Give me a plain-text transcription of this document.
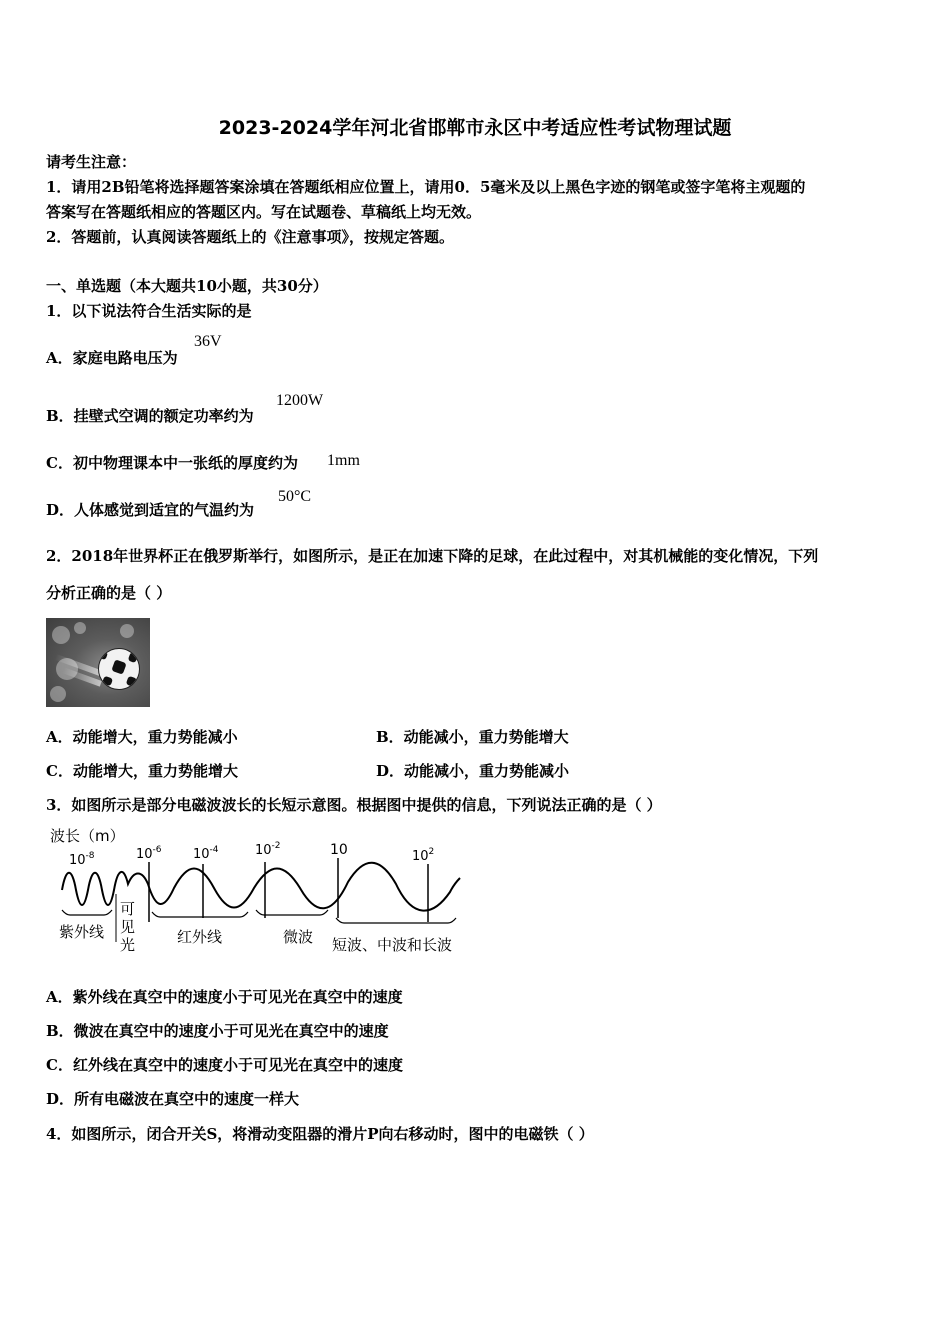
2023-2024学年河北省邯郸市永区中考适应性考试物理试题
请考生注意：
1．请用2B铅笔将选择题答案涂填在答题纸相应位置上，请用0．5毫米及以上黑色字迹的钢笔或签字笔将主观题的
答案写在答题纸相应的答题区内。写在试题卷、草稿纸上均无效。
2．答题前，认真阅读答题纸上的《注意事项》，按规定答题。
一、单选题（本大题共10小题，共30分）
1．以下说法符合生活实际的是
A．家庭电路电压为
36V
B．挂壁式空调的额定功率约为
1200W
C．初中物理课本中一张纸的厚度约为 1mm
D．人体感觉到适宜的气温约为
50°C
2．2018年世界杯正在俄罗斯举行，如图所示，是正在加速下降的足球，在此过程中，对其机械能的变化情况，下列
分析正确的是（ ）
A．动能增大，重力势能减小	B．动能减小，重力势能增大
C．动能增大，重力势能增大	D．动能减小，重力势能减小
3．如图所示是部分电磁波波长的长短示意图。根据图中提供的信息，下列说法正确的是（ ）
波长（m）
$10^{-8}$	$10^{-6}$ $10^{-4}$	$10^{-2}$	10	$10^2$
紫外线
可
见
光	红外线	微波 短波、中波和长波
A．紫外线在真空中的速度小于可见光在真空中的速度
B．微波在真空中的速度小于可见光在真空中的速度
C．红外线在真空中的速度小于可见光在真空中的速度
D．所有电磁波在真空中的速度一样大
4．如图所示，闭合开关S，将滑动变阻器的滑片P向右移动时，图中的电磁铁（ ）
